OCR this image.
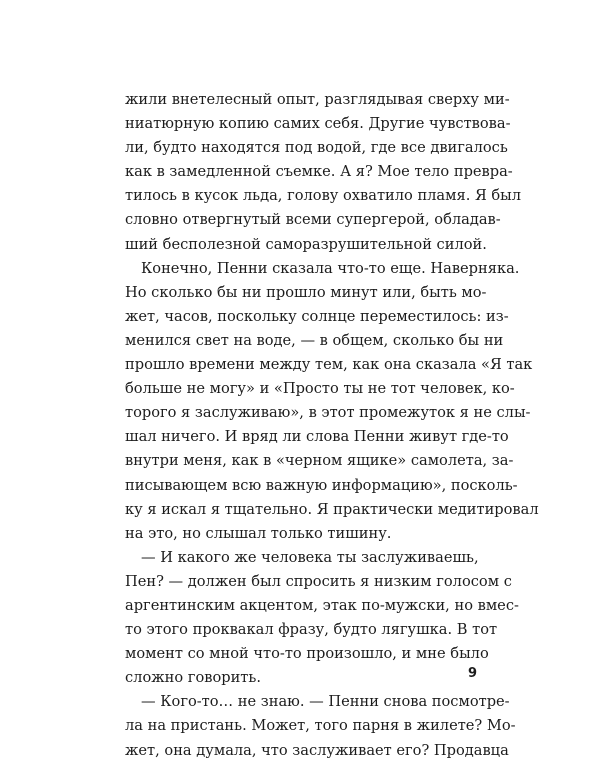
жили внетелесный опыт, разглядывая сверху ми-
ниатюрную копию самих себя. Другие чувствова-
ли, будто находятся под водой, где все двигалось
как в замедленной съемке. А я? Мое тело превра-
тилось в кусок льда, голову охватило пламя. Я был
словно отвергнутый всеми супергерой, обладав-
ший бесполезной саморазрушительной силой.
Конечно, Пенни сказала что-то еще. Наверняка.
Но сколько бы ни прошло минут или, быть мо-
жет, часов, поскольку солнце переместилось: из-
менился свет на воде, — в общем, сколько бы ни
прошло времени между тем, как она сказала «Я так
больше не могу» и «Просто ты не тот человек, ко-
торого я заслуживаю», в этот промежуток я не слы-
шал ничего. И вряд ли слова Пенни живут где-то
внутри меня, как в «черном ящике» самолета, за-
писывающем всю важную информацию», посколь-
ку я искал я тщательно. Я практически медитировал
на это, но слышал только тишину.
— И какого же человека ты заслуживаешь,
Пен? — должен был спросить я низким голосом с
аргентинским акцентом, этак по-мужски, но вмес-
то этого проквакал фразу, будто лягушка. В тот
момент со мной что-то произошло, и мне было
сложно говорить.
— Кого-то… не знаю. — Пенни снова посмотре-
ла на пристань. Может, того парня в жилете? Мо-
жет, она думала, что заслуживает его? Продавца
9
